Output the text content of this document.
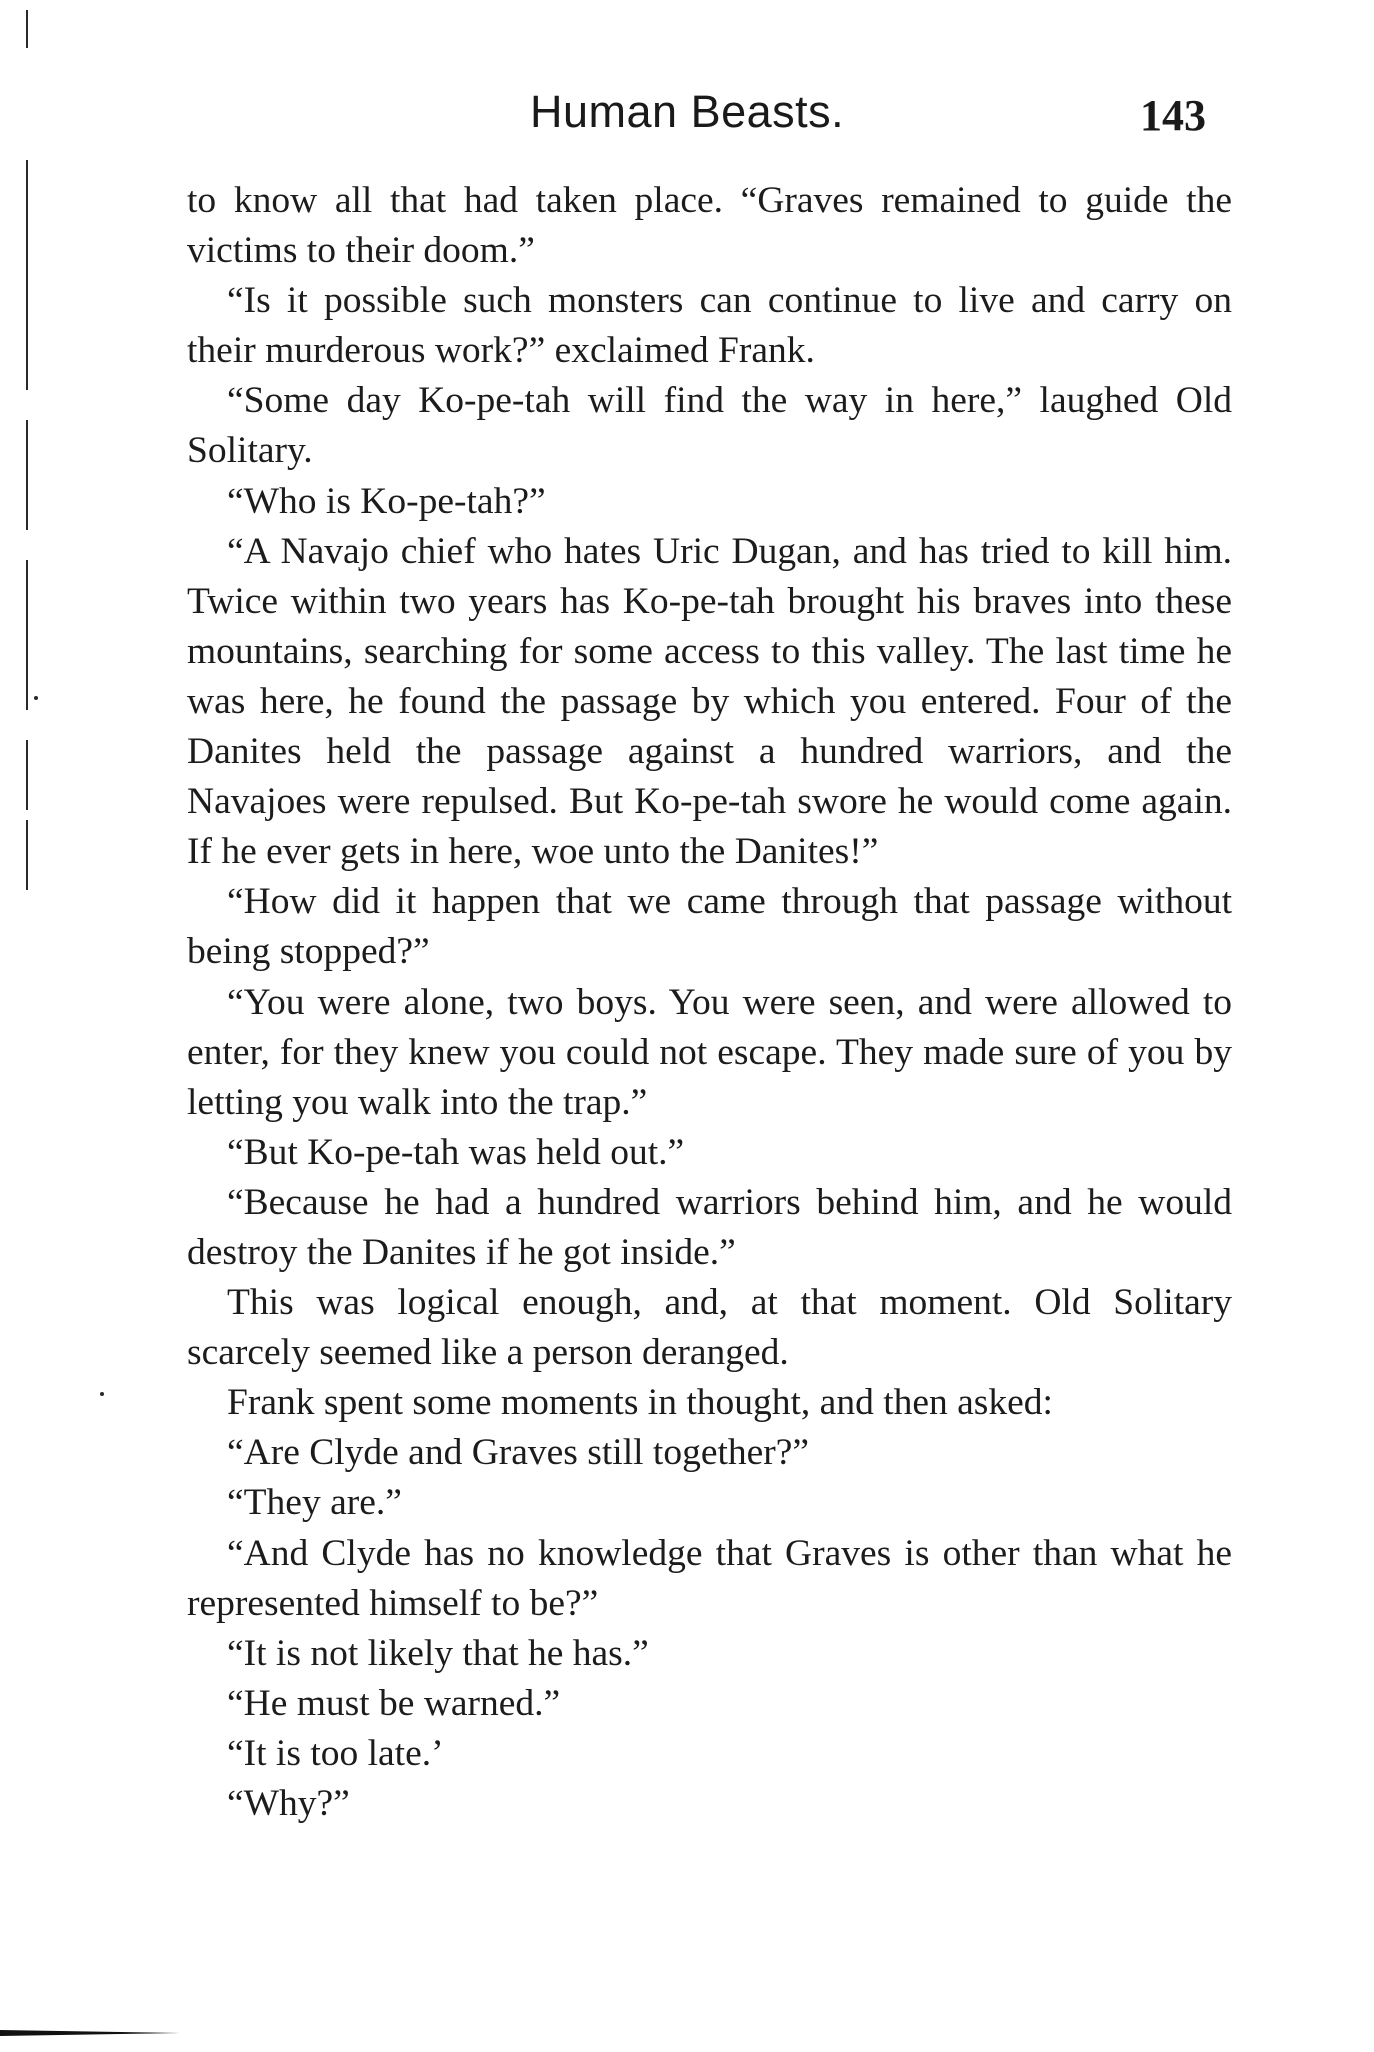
Human Beasts.	143

to know all that had taken place. “Graves remained to guide the victims to their doom.”

“Is it possible such monsters can continue to live and carry on their murderous work?” exclaimed Frank.

“Some day Ko-pe-tah will find the way in here,” laughed Old Solitary.

“Who is Ko-pe-tah?”

“A Navajo chief who hates Uric Dugan, and has tried to kill him. Twice within two years has Ko-pe-tah brought his braves into these mountains, searching for some access to this valley. The last time he was here, he found the passage by which you entered. Four of the Danites held the passage against a hundred warriors, and the Navajoes were repulsed. But Ko-pe-tah swore he would come again. If he ever gets in here, woe unto the Danites!”

“How did it happen that we came through that passage without being stopped?”

“You were alone, two boys. You were seen, and were allowed to enter, for they knew you could not escape. They made sure of you by letting you walk into the trap.”

“But Ko-pe-tah was held out.”

“Because he had a hundred warriors behind him, and he would destroy the Danites if he got inside.”

This was logical enough, and, at that moment. Old Solitary scarcely seemed like a person deranged.

Frank spent some moments in thought, and then asked:

“Are Clyde and Graves still together?”

“They are.”

“And Clyde has no knowledge that Graves is other than what he represented himself to be?”

“It is not likely that he has.”

“He must be warned.”

“It is too late.’

“Why?”
